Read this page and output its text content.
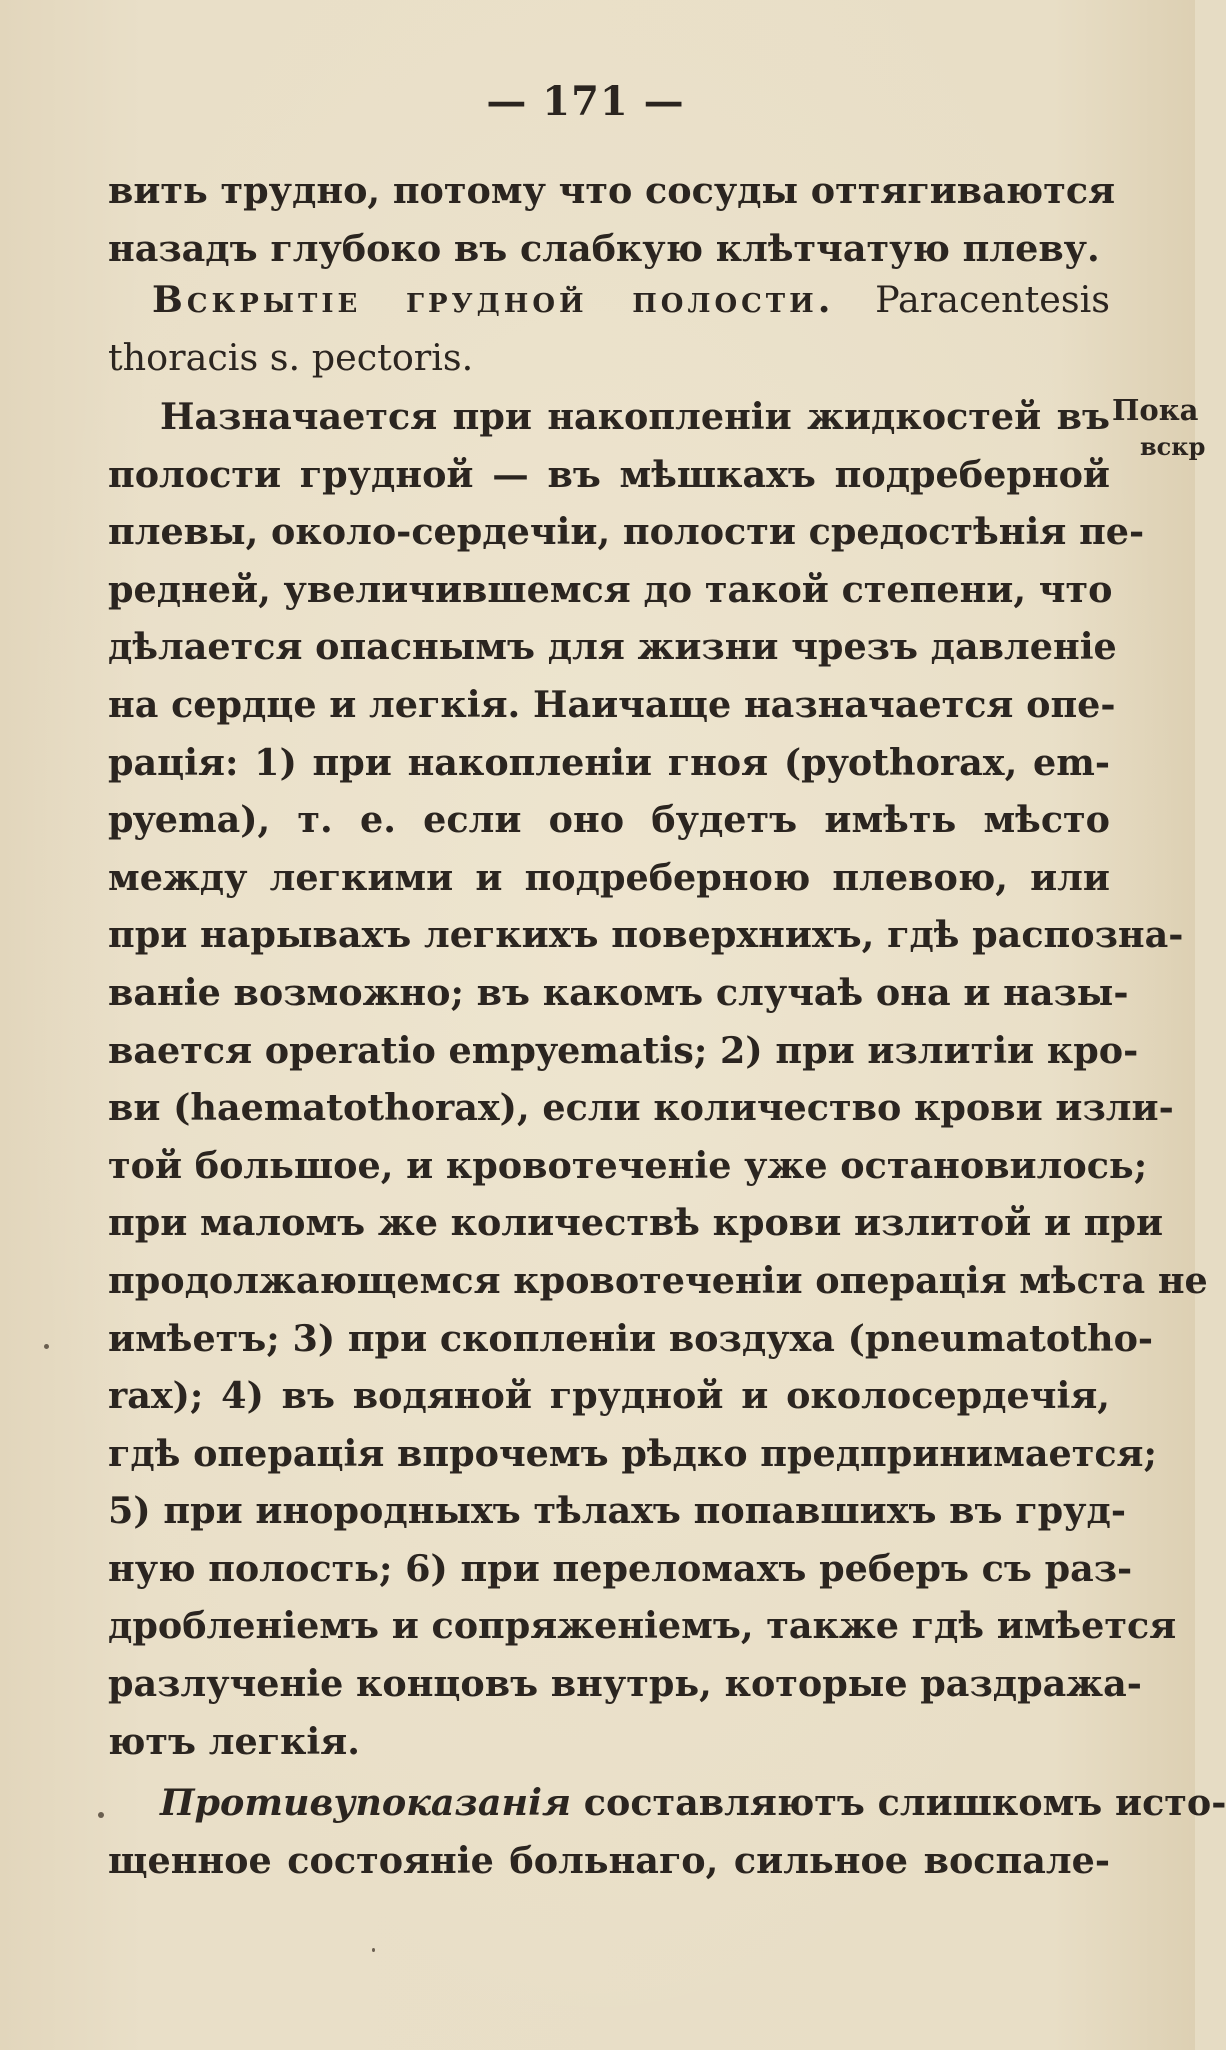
— 171 —
вить трудно, потому что сосуды оттягиваются
назадъ глубоко въ слабкую клѣтчатую плеву.
Вскрытiе грудной полости. Paracentesis
thoracis s. pectoris.
Пока
вскр
Назначается при накопленiи жидкостей въ
полости грудной — въ мѣшкахъ подреберной
плевы, около-сердечiи, полости средостѣнiя пе-
редней, увеличившемся до такой степени, что
дѣлается опаснымъ для жизни чрезъ давленiе
на сердце и легкiя. Наичаще назначается опе-
рацiя: 1) при накопленiи гноя (pyothorax, em-
pyema), т. е. если оно будетъ имѣть мѣсто
между легкими и подреберною плевою, или
при нарывахъ легкихъ поверхнихъ, гдѣ распозна-
ванiе возможно; въ какомъ случаѣ она и назы-
вается operatio empyematis; 2) при излитiи кро-
ви (haematothorax), если количество крови изли-
той большое, и кровотеченiе уже остановилось;
при маломъ же количествѣ крови излитой и при
продолжающемся кровотеченiи операцiя мѣста не
имѣетъ; 3) при скопленiи воздуха (pneumatotho-
rax); 4) въ водяной грудной и околосердечiя,
гдѣ операцiя впрочемъ рѣдко предпринимается;
5) при инородныхъ тѣлахъ попавшихъ въ груд-
ную полость; 6) при переломахъ реберъ съ раз-
дробленiемъ и сопряженiемъ, также гдѣ имѣется
разлученiе концовъ внутрь, которые раздража-
ютъ легкiя.
Противупоказанiя составляютъ слишкомъ исто-
щенное состоянiе больнаго, сильное воспале-
